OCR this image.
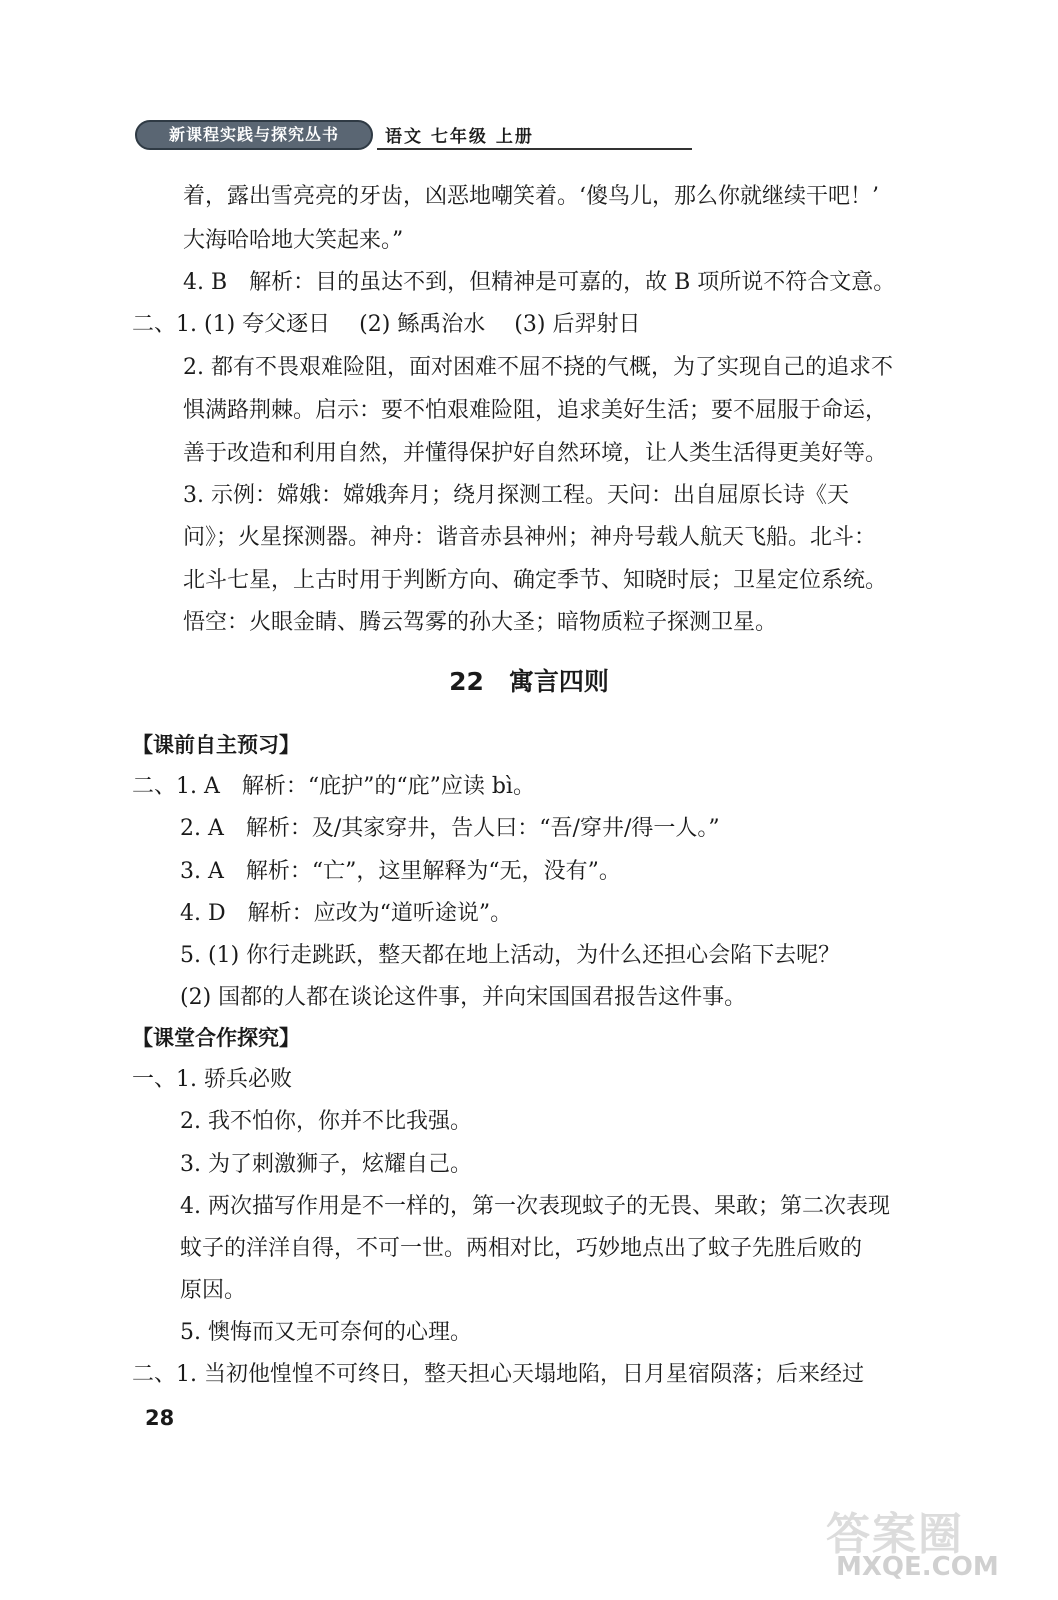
新课程实践与探究丛书	语文 七年级 上册
着，露出雪亮亮的牙齿，凶恶地嘲笑着。‘傻鸟儿，那么你就继续干吧！’
大海哈哈地大笑起来。”
4. B　解析：目的虽达不到，但精神是可嘉的，故 B 项所说不符合文意。
二、1. (1) 夸父逐日　 (2) 鲧禹治水　 (3) 后羿射日
2. 都有不畏艰难险阻，面对困难不屈不挠的气概，为了实现自己的追求不
惧满路荆棘。启示：要不怕艰难险阻，追求美好生活；要不屈服于命运，
善于改造和利用自然，并懂得保护好自然环境，让人类生活得更美好等。
3. 示例：嫦娥：嫦娥奔月；绕月探测工程。天问：出自屈原长诗《天
问》；火星探测器。神舟：谐音赤县神州；神舟号载人航天飞船。北斗：
北斗七星，上古时用于判断方向、确定季节、知晓时辰；卫星定位系统。
悟空：火眼金睛、腾云驾雾的孙大圣；暗物质粒子探测卫星。
22　寓言四则
【课前自主预习】
二、1. A　解析：“庇护”的“庇”应读 bì。
2. A　解析：及/其家穿井，告人曰：“吾/穿井/得一人。”
3. A　解析：“亡”，这里解释为“无，没有”。
4. D　解析：应改为“道听途说”。
5. (1) 你行走跳跃，整天都在地上活动，为什么还担心会陷下去呢？
(2) 国都的人都在谈论这件事，并向宋国国君报告这件事。
【课堂合作探究】
一、1. 骄兵必败
2. 我不怕你，你并不比我强。
3. 为了刺激狮子，炫耀自己。
4. 两次描写作用是不一样的，第一次表现蚊子的无畏、果敢；第二次表现
蚊子的洋洋自得，不可一世。两相对比，巧妙地点出了蚊子先胜后败的
原因。
5. 懊悔而又无可奈何的心理。
二、1. 当初他惶惶不可终日，整天担心天塌地陷，日月星宿陨落；后来经过
28
答案圈
MXQE.COM
